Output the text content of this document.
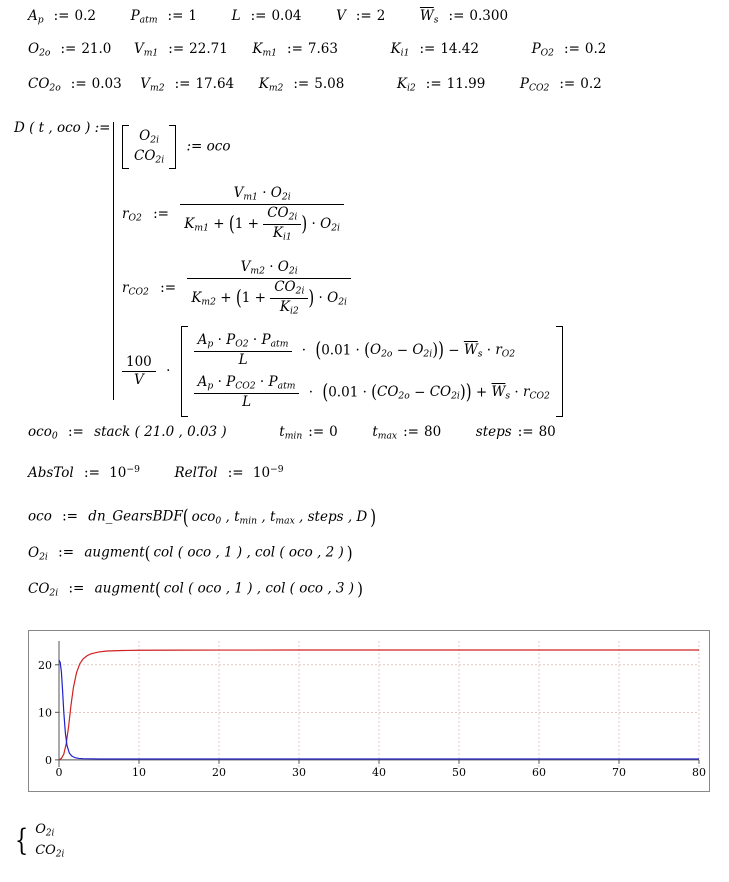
$A_p$ := 0.2	$P_{atm}$ := 1	L := 0.04	V := 2	$\overline{W}_s$ := 0.300
$O_{2o}$ := 21.0 $V_{m1}$ := 22.71 $K_{m1}$ := 7.63	$K_{i1}$ := 14.42	$P_{O2}$ := 0.2
$CO_{2o}$ := 0.03 $V_{m2}$ := 17.64 $K_{m2}$ := 5.08	$K_{i2}$ := 11.99	$P_{CO2}$ := 0.2
D ( t , oco ) :=	$O_{2i}$
$CO_{2i}$
:= oco
$r_{O2}$ :=
$V_{m1} \cdot O_{2i}$
$K_{m1} + (1 + \frac{CO_{2i}}{K_{i1}}$ ) · $O_{2i}$
$r_{CO2}$ :=
$V_{m2} \cdot O_{2i}$
$K_{m2} + (1 + \frac{CO_{2i}}{K_{i2}}$ ) · $O_{2i}$
$\frac{100}{V}$ ·
$\frac{A_p \cdot P_{O2} \cdot P_{atm}}{L} \cdot (0.01 \cdot (O_{2o} - O_{2i})) - \overline{W}_s \cdot r_{O2}$
$\frac{A_p \cdot P_{CO2} \cdot P_{atm}}{L} \cdot (0.01 \cdot (CO_{2o} - CO_{2i})) + \overline{W}_s \cdot r_{CO2}$
oco$_0$ := stack ( 21.0 , 0.03 )	$t_{min}$ := 0	$t_{max}$ := 80	steps := 80
AbsTol := $10^{-9}$	RelTol := $10^{-9}$
oco := dn_GearsBDF( oco$_0$ , $t_{min}$ , $t_{max}$ , steps , D )
$O_{2i}$ := augment( col ( oco , 1 ) , col ( oco , 2 ) )
$CO_{2i}$ := augment( col ( oco , 1 ) , col ( oco , 3 ) )
0	10	20	30	40	50	60	70	80
0
10
20
{ $O_{2i}$
$CO_{2i}$
